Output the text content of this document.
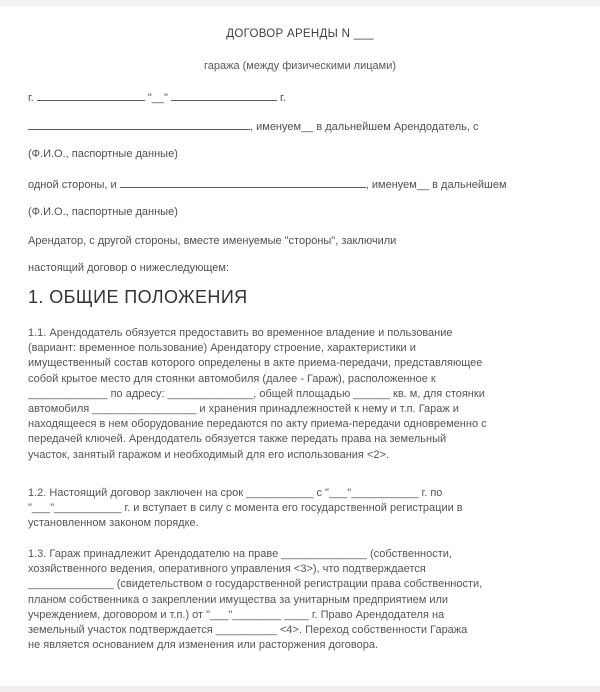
ДОГОВОР АРЕНДЫ N ___
гаража (между физическими лицами)
г.	"__"	г.
, именуем__ в дальнейшем Арендодатель, с
(Ф.И.О., паспортные данные)
одной стороны, и	, именуем__ в дальнейшем
(Ф.И.О., паспортные данные)
Арендатор, с другой стороны, вместе именуемые "стороны", заключили
настоящий договор о нижеследующем:
1. ОБЩИЕ ПОЛОЖЕНИЯ
1.1. Арендодатель обязуется предоставить во временное владение и пользование
(вариант: временное пользование) Арендатору строение, характеристики и
имущественный состав которого определены в акте приема-передачи, представляющее
собой крытое место для стоянки автомобиля (далее - Гараж), расположенное к
_____________ по адресу: ______________, общей площадью ______ кв. м, для стоянки
автомобиля _________________ и хранения принадлежностей к нему и т.п. Гараж и
находящееся в нем оборудование передаются по акту приема-передачи одновременно с
передачей ключей. Арендодатель обязуется также передать права на земельный
участок, занятый гаражом и необходимый для его использования <2>.
1.2. Настоящий договор заключен на срок ___________ с "___"___________ г. по
"___"___________ г. и вступает в силу с момента его государственной регистрации в
установленном законом порядке.
1.3. Гараж принадлежит Арендодателю на праве ______________ (собственности,
хозяйственного ведения, оперативного управления <3>), что подтверждается
______________ (свидетельством о государственной регистрации права собственности,
планом собственника о закреплении имущества за унитарным предприятием или
учреждением, договором и т.п.) от "___"________ ____ г. Право Арендодателя на
земельный участок подтверждается __________ <4>. Переход собственности Гаража
не является основанием для изменения или расторжения договора.
